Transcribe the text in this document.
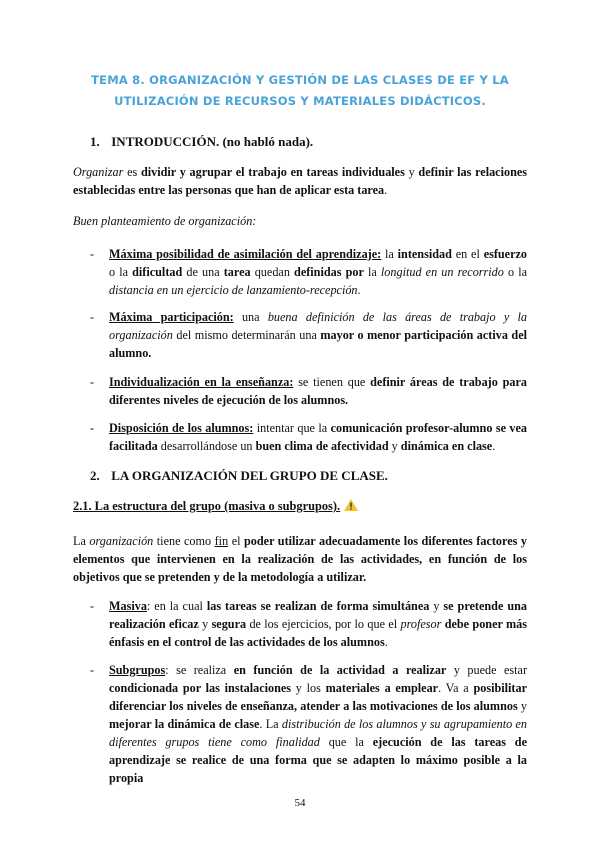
TEMA 8. ORGANIZACIÓN Y GESTIÓN DE LAS CLASES DE EF Y LA
UTILIZACIÓN DE RECURSOS Y MATERIALES DIDÁCTICOS.
1. INTRODUCCIÓN. (no habló nada).
Organizar es dividir y agrupar el trabajo en tareas individuales y definir las relaciones establecidas entre las personas que han de aplicar esta tarea.
Buen planteamiento de organización:
- Máxima posibilidad de asimilación del aprendizaje: la intensidad en el esfuerzo o la dificultad de una tarea quedan definidas por la longitud en un recorrido o la distancia en un ejercicio de lanzamiento-recepción.
- Máxima participación: una buena definición de las áreas de trabajo y la organización del mismo determinarán una mayor o menor participación activa del alumno.
- Individualización en la enseñanza: se tienen que definir áreas de trabajo para diferentes niveles de ejecución de los alumnos.
- Disposición de los alumnos: intentar que la comunicación profesor-alumno se vea facilitada desarrollándose un buen clima de afectividad y dinámica en clase.
2. LA ORGANIZACIÓN DEL GRUPO DE CLASE.
2.1. La estructura del grupo (masiva o subgrupos).
La organización tiene como fin el poder utilizar adecuadamente los diferentes factores y elementos que intervienen en la realización de las actividades, en función de los objetivos que se pretenden y de la metodología a utilizar.
- Masiva: en la cual las tareas se realizan de forma simultánea y se pretende una realización eficaz y segura de los ejercicios, por lo que el profesor debe poner más énfasis en el control de las actividades de los alumnos.
- Subgrupos: se realiza en función de la actividad a realizar y puede estar condicionada por las instalaciones y los materiales a emplear. Va a posibilitar diferenciar los niveles de enseñanza, atender a las motivaciones de los alumnos y mejorar la dinámica de clase. La distribución de los alumnos y su agrupamiento en diferentes grupos tiene como finalidad que la ejecución de las tareas de aprendizaje se realice de una forma que se adapten lo máximo posible a la propia
54
